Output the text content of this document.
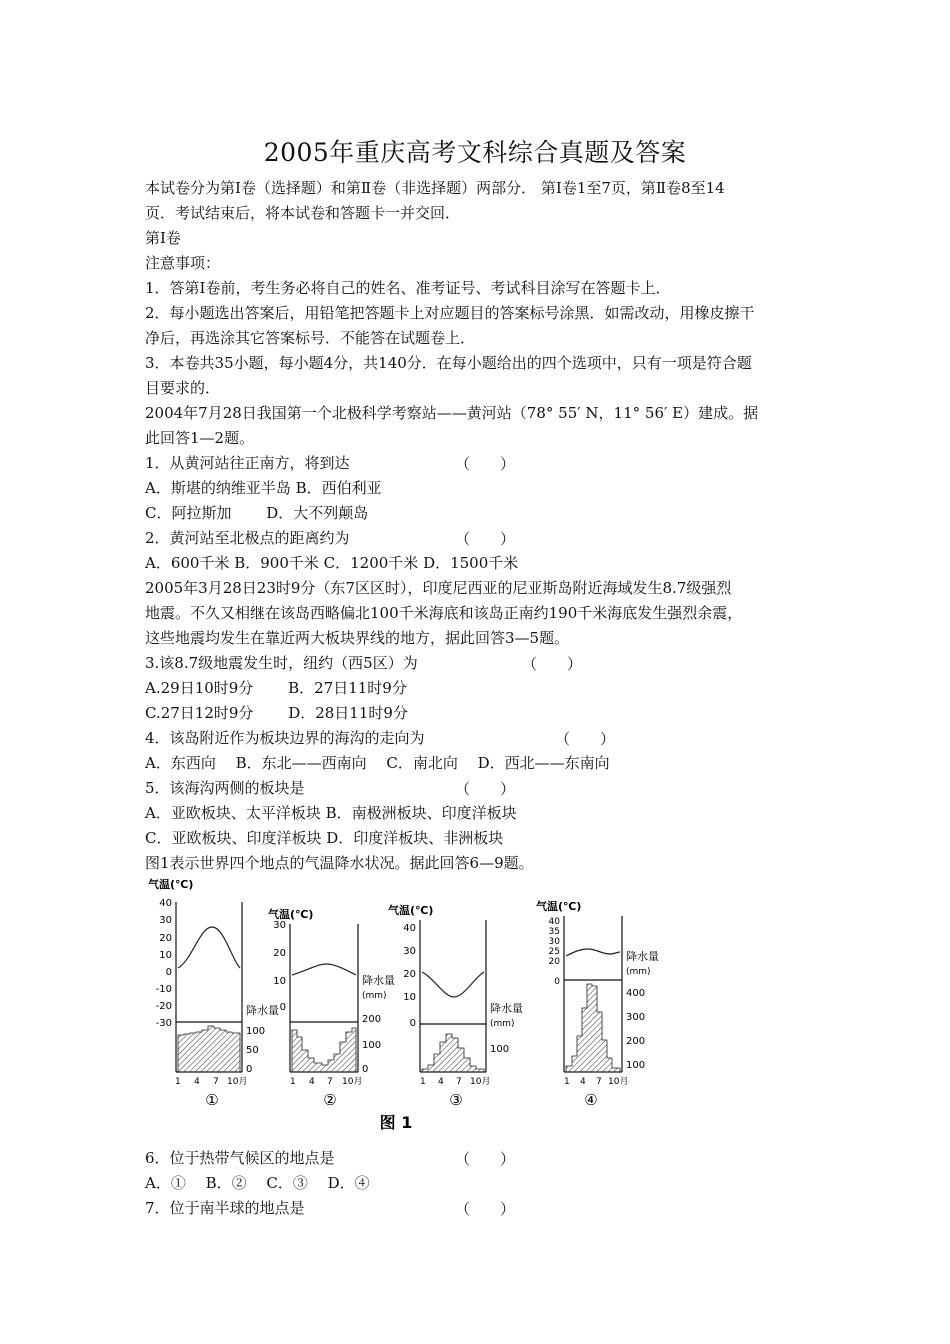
2005年重庆高考文科综合真题及答案
本试卷分为第Ⅰ卷（选择题）和第Ⅱ卷（非选择题）两部分． 第Ⅰ卷1至7页，第Ⅱ卷8至14
页．考试结束后，将本试卷和答题卡一并交回．
第Ⅰ卷
注意事项：
1．答第Ⅰ卷前，考生务必将自己的姓名、准考证号、考试科目涂写在答题卡上．
2．每小题选出答案后，用铅笔把答题卡上对应题目的答案标号涂黑．如需改动，用橡皮擦干
净后，再选涂其它答案标号．不能答在试题卷上．
3．本卷共35小题，每小题4分，共140分．在每小题给出的四个选项中，只有一项是符合题
目要求的．
2004年7月28日我国第一个北极科学考察站——黄河站（78° 55′ N，11° 56′ E）建成。据
此回答1—2题。
1．从黄河站往正南方，将到达	（　　）
A．斯堪的纳维亚半岛 B．西伯利亚
C．阿拉斯加　　 D．大不列颠岛
2．黄河站至北极点的距离约为	（　　）
A．600千米 B．900千米 C．1200千米 D．1500千米
2005年3月28日23时9分（东7区区时），印度尼西亚的尼亚斯岛附近海域发生8.7级强烈
地震。不久又相继在该岛西略偏北100千米海底和该岛正南约190千米海底发生强烈余震，
这些地震均发生在靠近两大板块界线的地方，据此回答3—5题。
3.该8.7级地震发生时，纽约（西5区）为	（　　）
A.29日10时9分　　 B．27日11时9分
C.27日12时9分　　 D．28日11时9分
4．该岛附近作为板块边界的海沟的走向为	（　　）
A．东西向　 B．东北——西南向　 C．南北向　 D．西北——东南向
5．该海沟两侧的板块是	（　　）
A．亚欧板块、太平洋板块 B．南极洲板块、印度洋板块
C．亚欧板块、印度洋板块 D．印度洋板块、非洲板块
图1表示世界四个地点的气温降水状况。据此回答6—9题。
气温(℃)
40
30
20
10
0
-10
-20
-30
降水量
100
50
0
1 4 7 10月
①
气温(℃)
30
20
10
0
降水量
(mm)
200
100
0
1 4 7 10月
②
气温(℃)
40
30
20
10
0
降水量
(mm)
100
1 4 7 10月
③
气温(℃)
40
35
30
25
20
0
降水量
(mm)
400
300
200
100
1 4 7 10月
④
图 1
6．位于热带气候区的地点是	（　　）
A．①　 B．②　 C．③　 D．④
7．位于南半球的地点是	（　　）
